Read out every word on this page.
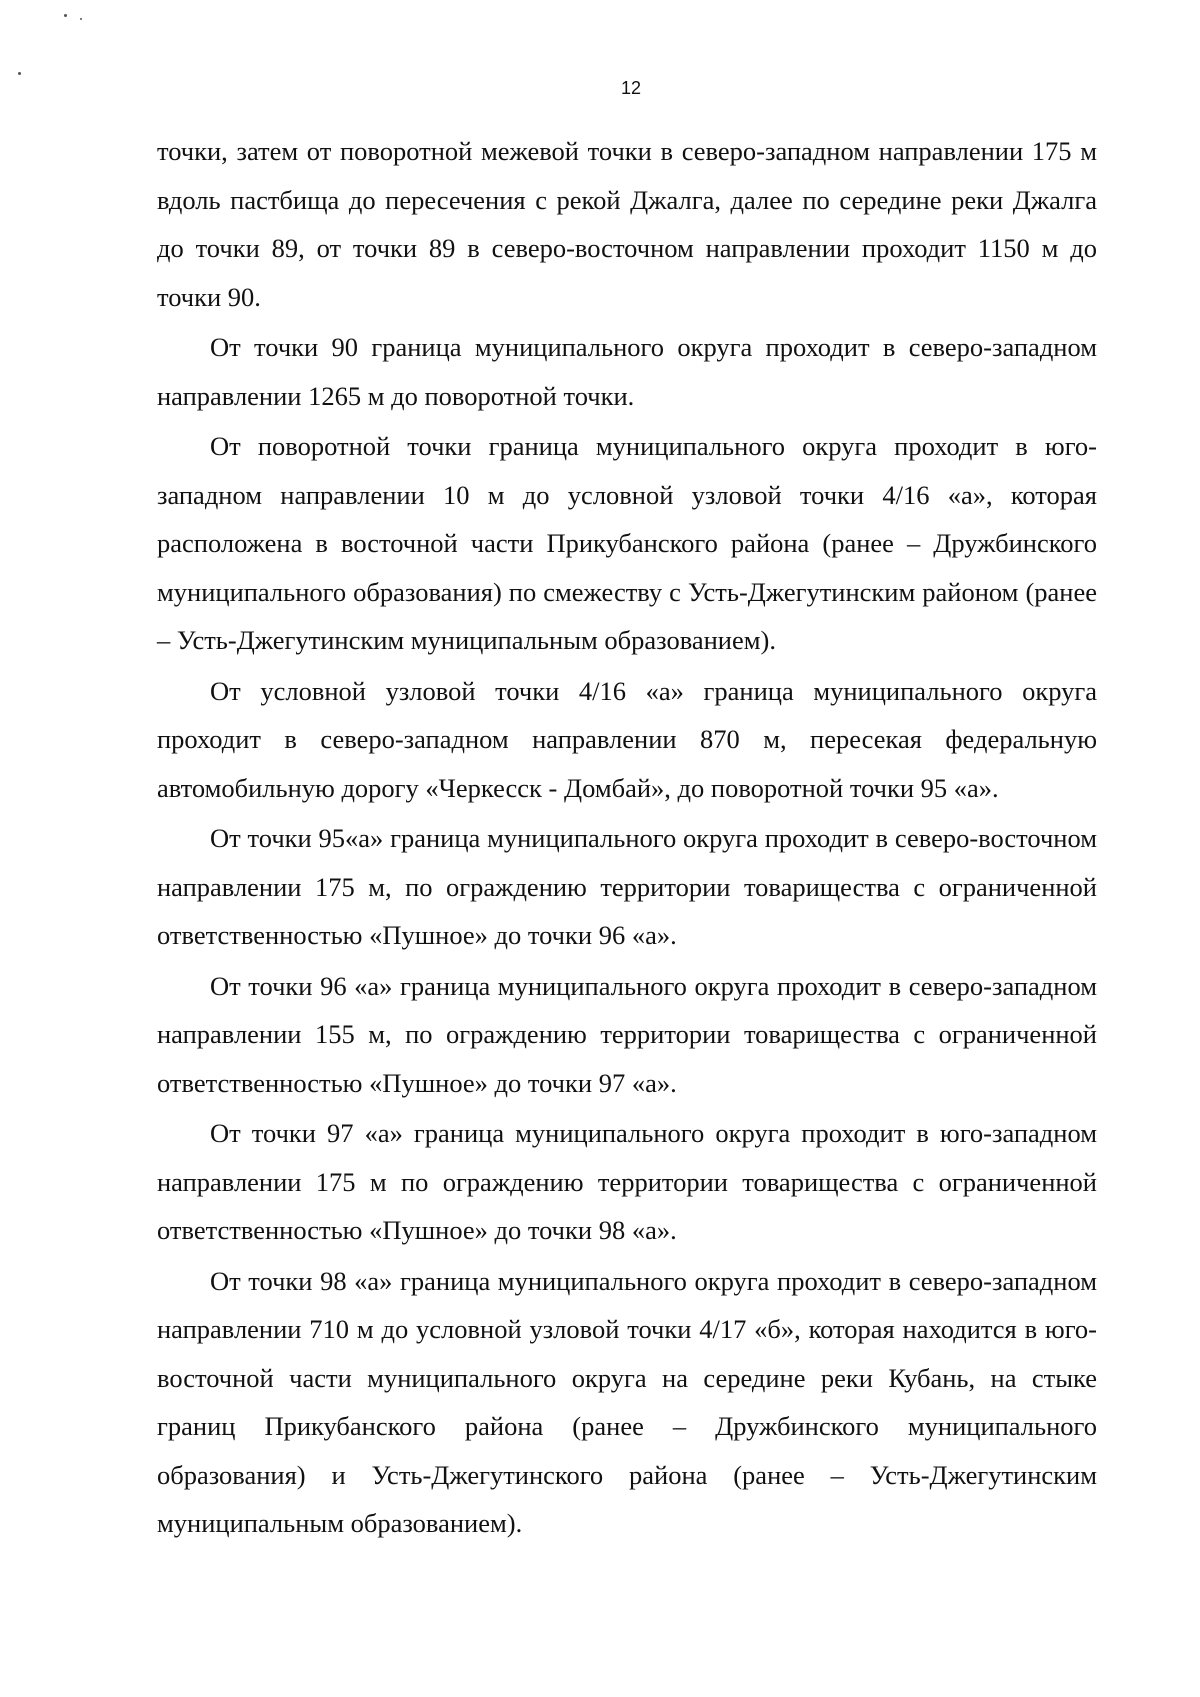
12

точки, затем от поворотной межевой точки в северо-западном направлении 175 м вдоль пастбища до пересечения с рекой Джалга, далее по середине реки Джалга до точки 89, от точки 89 в северо-восточном направлении проходит 1150 м до точки 90.

От точки 90 граница муниципального округа проходит в северо-западном направлении 1265 м до поворотной точки.

От поворотной точки граница муниципального округа проходит в юго-западном направлении 10 м до условной узловой точки 4/16 «а», которая расположена в восточной части Прикубанского района (ранее – Дружбинского муниципального образования) по смежеству с Усть-Джегутинским районом (ранее – Усть-Джегутинским муниципальным образованием).

От условной узловой точки 4/16 «а» граница муниципального округа проходит в северо-западном направлении 870 м, пересекая федеральную автомобильную дорогу «Черкесск - Домбай», до поворотной точки 95 «а».

От точки 95«а» граница муниципального округа проходит в северо-восточном направлении 175 м, по ограждению территории товарищества с ограниченной ответственностью «Пушное» до точки 96 «а».

От точки 96 «а» граница муниципального округа проходит в северо-западном направлении 155 м, по ограждению территории товарищества с ограниченной ответственностью «Пушное» до точки 97 «а».

От точки 97 «а» граница муниципального округа проходит в юго-западном направлении 175 м по ограждению территории товарищества с ограниченной ответственностью «Пушное» до точки 98 «а».

От точки 98 «а» граница муниципального округа проходит в северо-западном направлении 710 м до условной узловой точки 4/17 «б», которая находится в юго-восточной части муниципального округа на середине реки Кубань, на стыке границ Прикубанского района (ранее – Дружбинского муниципального образования) и Усть-Джегутинского района (ранее – Усть-Джегутинским муниципальным образованием).
